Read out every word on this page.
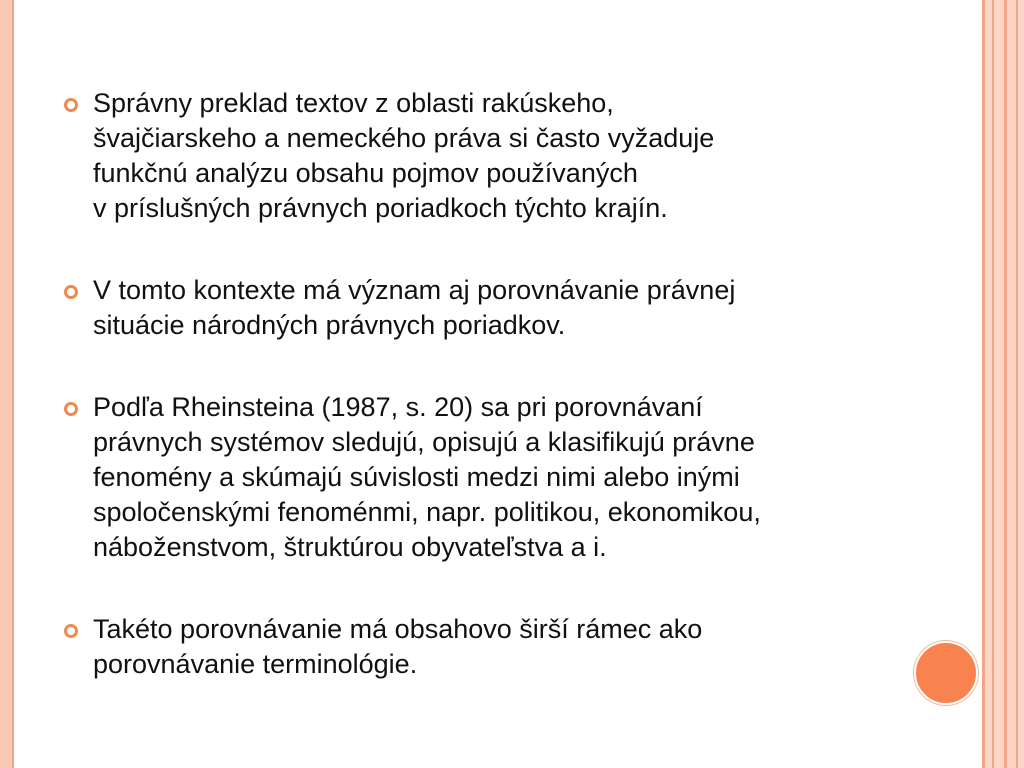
Správny preklad textov z oblasti rakúskeho,
švajčiarskeho a nemeckého práva si často vyžaduje
funkčnú analýzu obsahu pojmov používaných
v príslušných právnych poriadkoch týchto krajín.
V tomto kontexte má význam aj porovnávanie právnej
situácie národných právnych poriadkov.
Podľa Rheinsteina (1987, s. 20) sa pri porovnávaní
právnych systémov sledujú, opisujú a klasifikujú právne
fenomény a skúmajú súvislosti medzi nimi alebo inými
spoločenskými fenoménmi, napr. politikou, ekonomikou,
náboženstvom, štruktúrou obyvateľstva a i.
Takéto porovnávanie má obsahovo širší rámec ako
porovnávanie terminológie.
